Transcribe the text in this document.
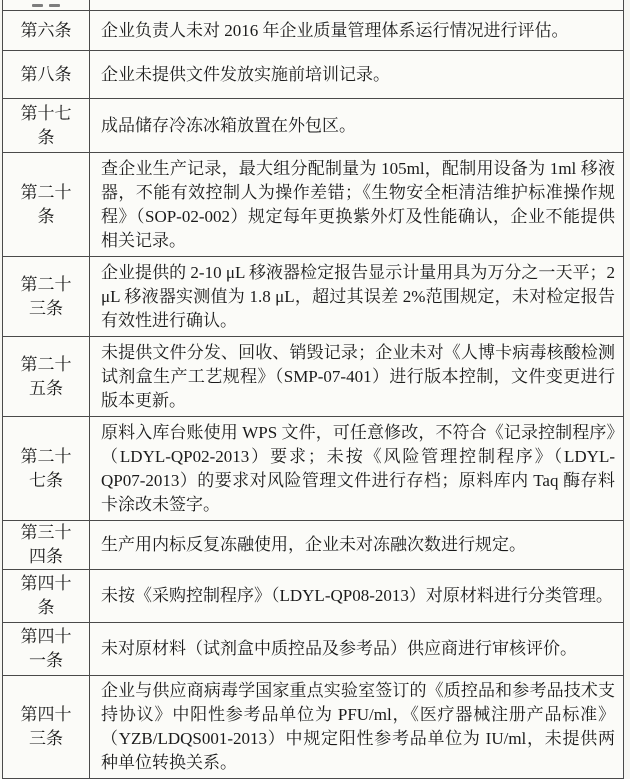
第六条 企业负责人未对 2016 年企业质量管理体系运行情况进行评估。
第八条 企业未提供文件发放实施前培训记录。
第十七条
成品储存冷冻冰箱放置在外包区。
第二十条
查企业生产记录，最大组分配制量为 105ml，配制用设备为 1ml 移液器，不能有效控制人为操作差错；《生物安全柜清洁维护标准操作规程》（SOP-02-002）规定每年更换紫外灯及性能确认，企业不能提供相关记录。
第二十三条
企业提供的 2-10 μL 移液器检定报告显示计量用具为万分之一天平；2 μL 移液器实测值为 1.8 μL，超过其误差 2%范围规定，未对检定报告有效性进行确认。
第二十五条
未提供文件分发、回收、销毁记录；企业未对《人博卡病毒核酸检测试剂盒生产工艺规程》（SMP-07-401）进行版本控制，文件变更进行版本更新。
第二十七条
原料入库台账使用 WPS 文件，可任意修改，不符合《记录控制程序》（LDYL-QP02-2013）要求；未按《风险管理控制程序》（LDYL-QP07-2013）的要求对风险管理文件进行存档；原料库内 Taq 酶存料卡涂改未签字。
第三十四条
生产用内标反复冻融使用，企业未对冻融次数进行规定。
第四十条
未按《采购控制程序》（LDYL-QP08-2013）对原材料进行分类管理。
第四十一条
未对原材料（试剂盒中质控品及参考品）供应商进行审核评价。
第四十三条
企业与供应商病毒学国家重点实验室签订的《质控品和参考品技术支持协议》中阳性参考品单位为 PFU/ml，《医疗器械注册产品标准》（YZB/LDQS001-2013）中规定阳性参考品单位为 IU/ml，未提供两种单位转换关系。
